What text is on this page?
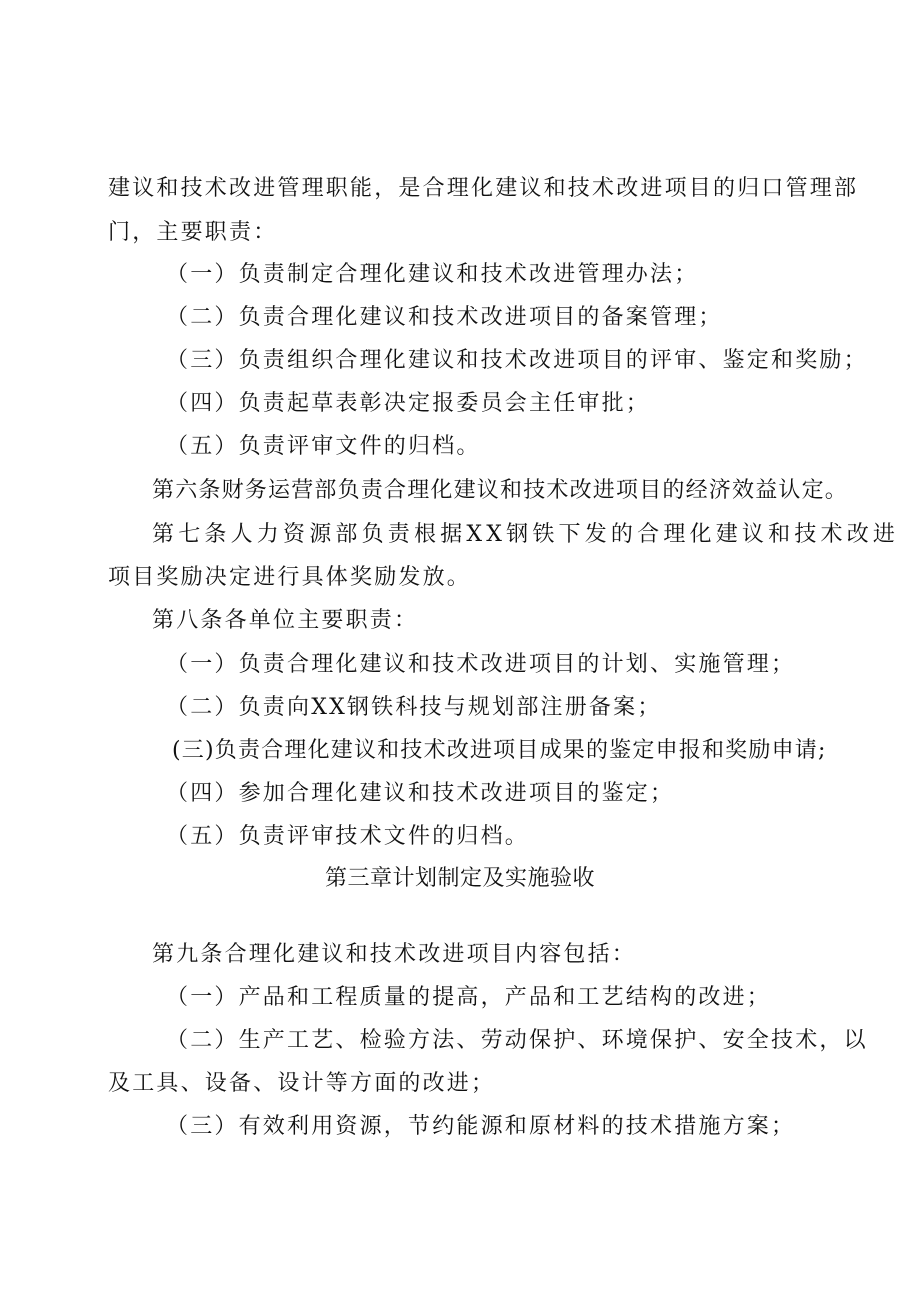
建议和技术改进管理职能，是合理化建议和技术改进项目的归口管理部
门，主要职责：
（一）负责制定合理化建议和技术改进管理办法；
（二）负责合理化建议和技术改进项目的备案管理；
（三）负责组织合理化建议和技术改进项目的评审、鉴定和奖励；
（四）负责起草表彰决定报委员会主任审批；
（五）负责评审文件的归档。
第六条财务运营部负责合理化建议和技术改进项目的经济效益认定。
第七条人力资源部负责根据XX钢铁下发的合理化建议和技术改进
项目奖励决定进行具体奖励发放。
第八条各单位主要职责：
（一）负责合理化建议和技术改进项目的计划、实施管理；
（二）负责向XX钢铁科技与规划部注册备案；
(三)负责合理化建议和技术改进项目成果的鉴定申报和奖励申请;
（四）参加合理化建议和技术改进项目的鉴定；
（五）负责评审技术文件的归档。
第三章计划制定及实施验收
第九条合理化建议和技术改进项目内容包括：
（一）产品和工程质量的提高，产品和工艺结构的改进；
（二）生产工艺、检验方法、劳动保护、环境保护、安全技术，以
及工具、设备、设计等方面的改进；
（三）有效利用资源，节约能源和原材料的技术措施方案；
